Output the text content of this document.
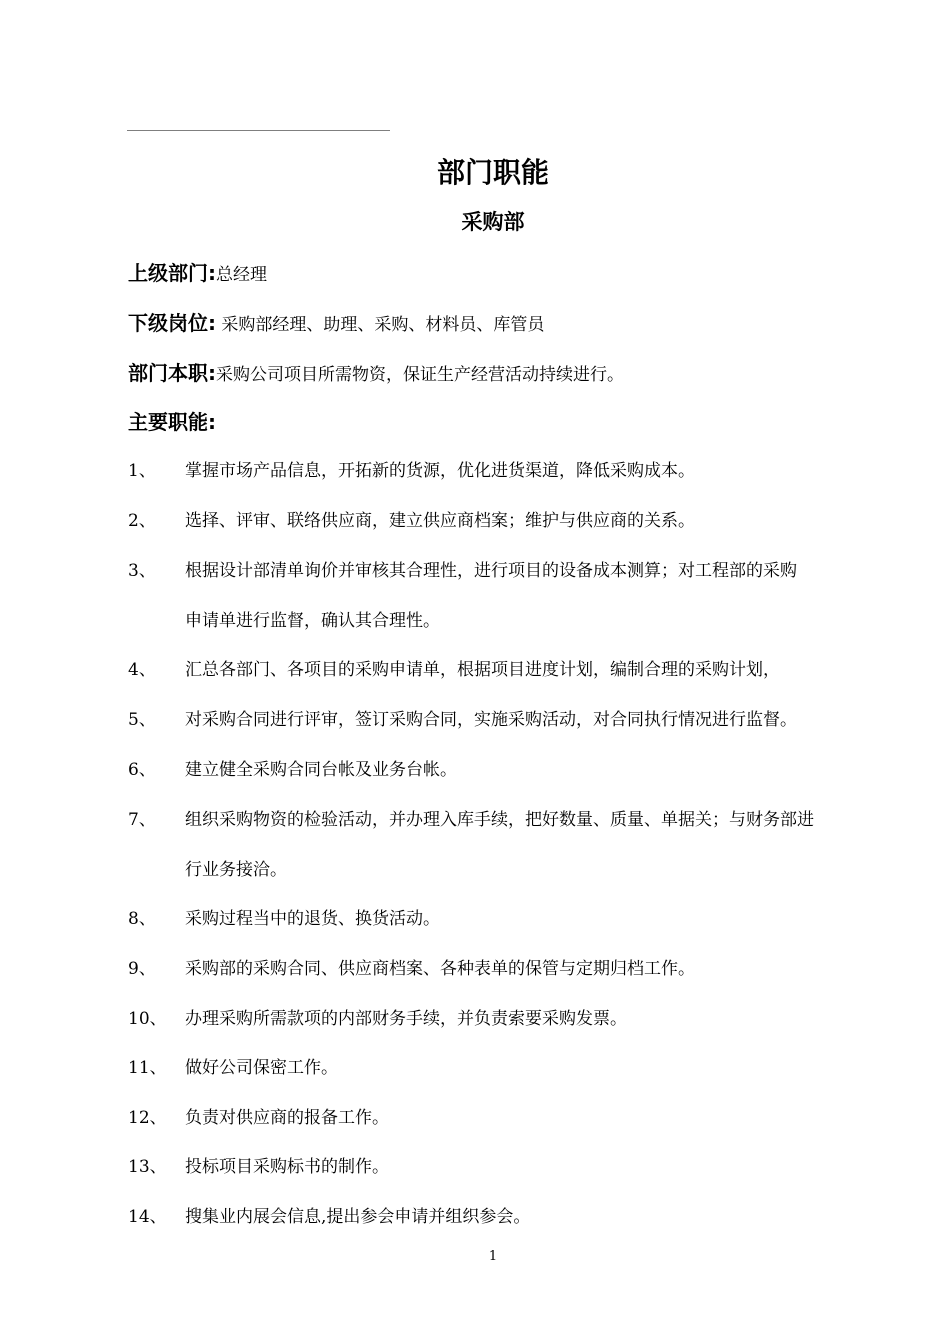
部门职能
采购部
上级部门:总经理
下级岗位: 采购部经理、助理、采购、材料员、库管员
部门本职:采购公司项目所需物资，保证生产经营活动持续进行。
主要职能:
1、	掌握市场产品信息，开拓新的货源，优化进货渠道，降低采购成本。
2、	选择、评审、联络供应商，建立供应商档案；维护与供应商的关系。
3、	根据设计部清单询价并审核其合理性，进行项目的设备成本测算；对工程部的采购
申请单进行监督，确认其合理性。
4、	汇总各部门、各项目的采购申请单，根据项目进度计划，编制合理的采购计划，
5、	对采购合同进行评审，签订采购合同，实施采购活动，对合同执行情况进行监督。
6、	建立健全采购合同台帐及业务台帐。
7、	组织采购物资的检验活动，并办理入库手续，把好数量、质量、单据关；与财务部进
行业务接洽。
8、	采购过程当中的退货、换货活动。
9、	采购部的采购合同、供应商档案、各种表单的保管与定期归档工作。
10、	办理采购所需款项的内部财务手续，并负责索要采购发票。
11、	做好公司保密工作。
12、	负责对供应商的报备工作。
13、	投标项目采购标书的制作。
14、	搜集业内展会信息,提出参会申请并组织参会。
1
